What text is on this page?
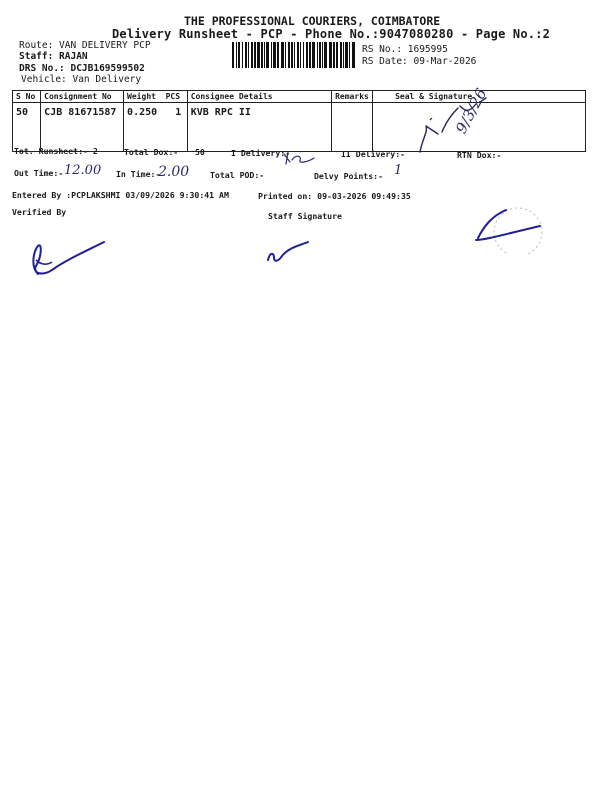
THE PROFESSIONAL COURIERS, COIMBATORE
Delivery Runsheet - PCP - Phone No.:9047080280 - Page No.:2
Route: VAN DELIVERY PCP
Staff: RAJAN
DRS No.: DCJB169599502
Vehicle: Van Delivery
RS No.: 1695995
RS Date: 09-Mar-2026
S No	Consignment No	Weight PCS	Consignee Details	Remarks	Seal & Signature
50	CJB 81671587	0.250 1	KVB RPC II		
Tot. Runsheet:- 2	Total Dox:- 50	I Delivery:-	II Delivery:-	RTN Dox:-
Out Time:- 12.00 In Time:-
2.00	Total POD:-	Delvy Points:- 1
Entered By :PCPLAKSHMI 03/09/2026 9:30:41 AM	Printed on: 09-03-2026 09:49:35
Verified By	Staff Signature
9/3/26
